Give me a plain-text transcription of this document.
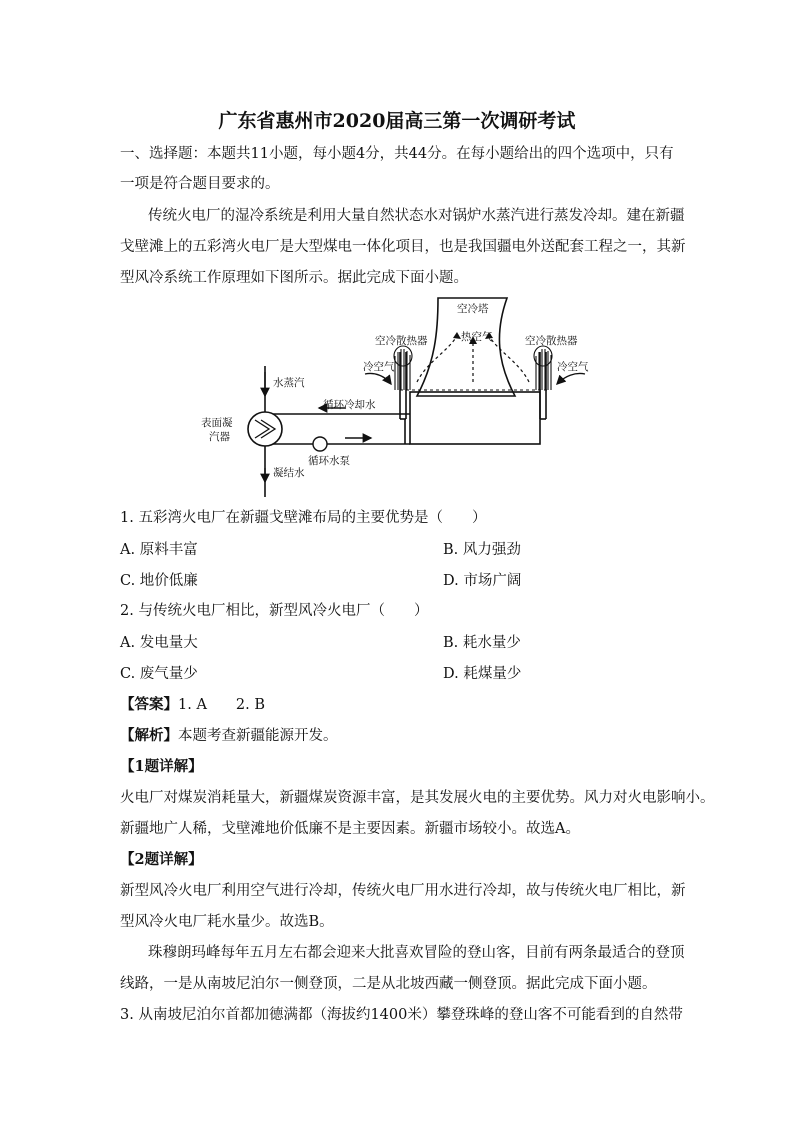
广东省惠州市2020届高三第一次调研考试
一、选择题：本题共11小题，每小题4分，共44分。在每小题给出的四个选项中，只有
一项是符合题目要求的。
传统火电厂的湿冷系统是利用大量自然状态水对锅炉水蒸汽进行蒸发冷却。建在新疆
戈壁滩上的五彩湾火电厂是大型煤电一体化项目，也是我国疆电外送配套工程之一，其新
型风冷系统工作原理如下图所示。据此完成下面小题。
空冷塔
热空气
空冷散热器	空冷散热器
冷空气	冷空气
水蒸汽
循环冷却水
表面凝
汽器
循环水泵
凝结水
1. 五彩湾火电厂在新疆戈壁滩布局的主要优势是（　　）
A. 原料丰富	B. 风力强劲
C. 地价低廉	D. 市场广阔
2. 与传统火电厂相比，新型风冷火电厂（　　）
A. 发电量大	B. 耗水量少
C. 废气量少	D. 耗煤量少
【答案】1. A　　2. B
【解析】本题考查新疆能源开发。
【1题详解】
火电厂对煤炭消耗量大，新疆煤炭资源丰富，是其发展火电的主要优势。风力对火电影响小。
新疆地广人稀，戈壁滩地价低廉不是主要因素。新疆市场较小。故选A。
【2题详解】
新型风冷火电厂利用空气进行冷却，传统火电厂用水进行冷却，故与传统火电厂相比，新
型风冷火电厂耗水量少。故选B。
珠穆朗玛峰每年五月左右都会迎来大批喜欢冒险的登山客，目前有两条最适合的登顶
线路，一是从南坡尼泊尔一侧登顶，二是从北坡西藏一侧登顶。据此完成下面小题。
3. 从南坡尼泊尔首都加德满都（海拔约1400米）攀登珠峰的登山客不可能看到的自然带
